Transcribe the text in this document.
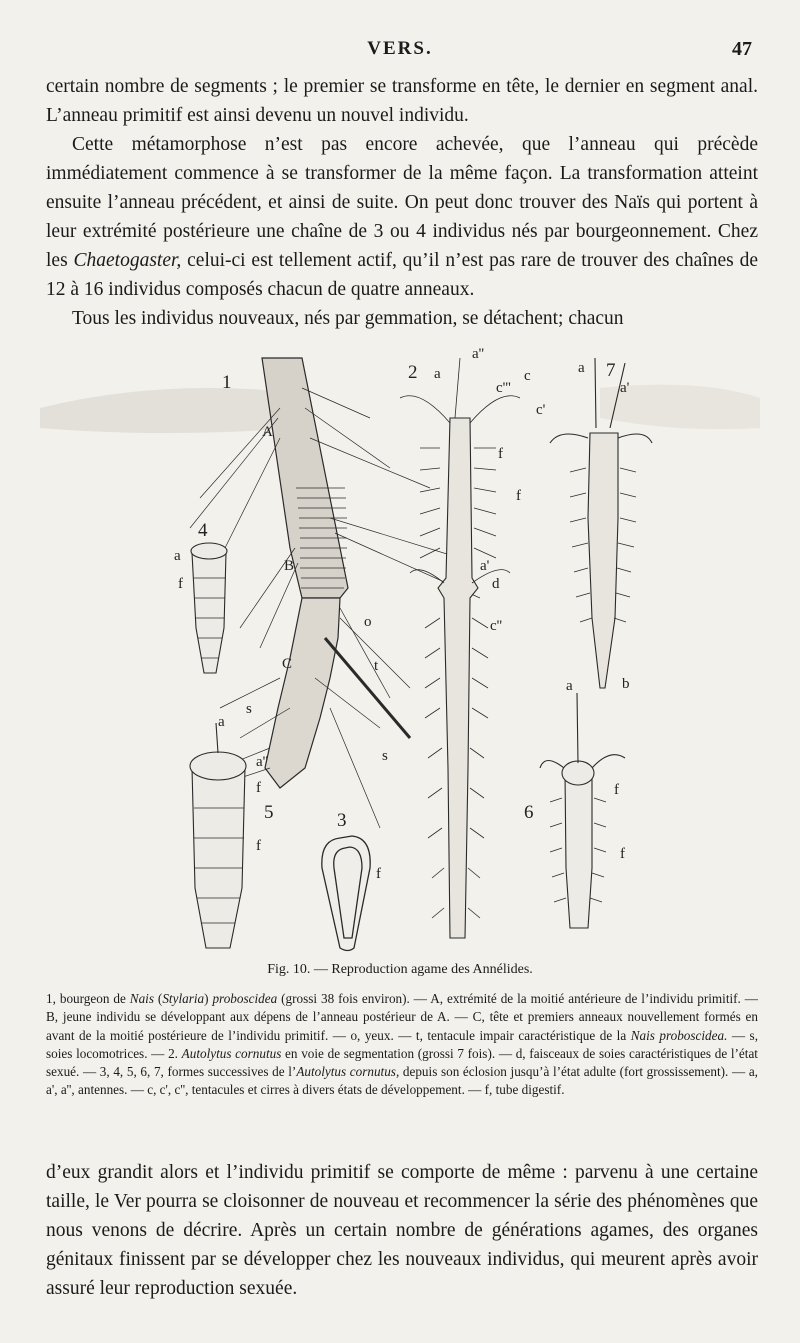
VERS.	47

certain nombre de segments ; le premier se transforme en tête, le dernier en segment anal. L’anneau primitif est ainsi devenu un nouvel individu.

Cette métamorphose n’est pas encore achevée, que l’anneau qui précède immédiatement commence à se transformer de la même façon. La transformation atteint ensuite l’anneau précédent, et ainsi de suite. On peut donc trouver des Naïs qui portent à leur extrémité postérieure une chaîne de 3 ou 4 individus nés par bourgeonnement. Chez les Chaetogaster, celui-ci est tellement actif, qu’il n’est pas rare de trouver des chaînes de 12 à 16 individus composés chacun de quatre anneaux.

Tous les individus nouveaux, nés par gemmation, se détachent; chacun

1	2
3
4
5	6
7
A
B
C
o
t
s
s
a
a''
c'''
c
c'
f
f
a'
d
c''
b
a
a'
a
f
f
a
f
a
a''
f
f
f
Fig. 10. — Reproduction agame des Annélides.
1, bourgeon de Nais (Stylaria) proboscidea (grossi 38 fois environ). — A, extrémité de la moitié antérieure de l’individu primitif. — B, jeune individu se développant aux dépens de l’anneau postérieur de A. — C, tête et premiers anneaux nouvellement formés en avant de la moitié postérieure de l’individu primitif. — o, yeux. — t, tentacule impair caractéristique de la Nais proboscidea. — s, soies locomotrices. — 2. Autolytus cornutus en voie de segmentation (grossi 7 fois). — d, faisceaux de soies caractéristiques de l’état sexué. — 3, 4, 5, 6, 7, formes successives de l’Autolytus cornutus, depuis son éclosion jusqu’à l’état adulte (fort grossissement). — a, a', a'', antennes. — c, c', c'', tentacules et cirres à divers états de développement. — f, tube digestif.

d’eux grandit alors et l’individu primitif se comporte de même : parvenu à une certaine taille, le Ver pourra se cloisonner de nouveau et recommencer la série des phénomènes que nous venons de décrire. Après un certain nombre de générations agames, des organes génitaux finissent par se développer chez les nouveaux individus, qui meurent après avoir assuré leur reproduction sexuée.
